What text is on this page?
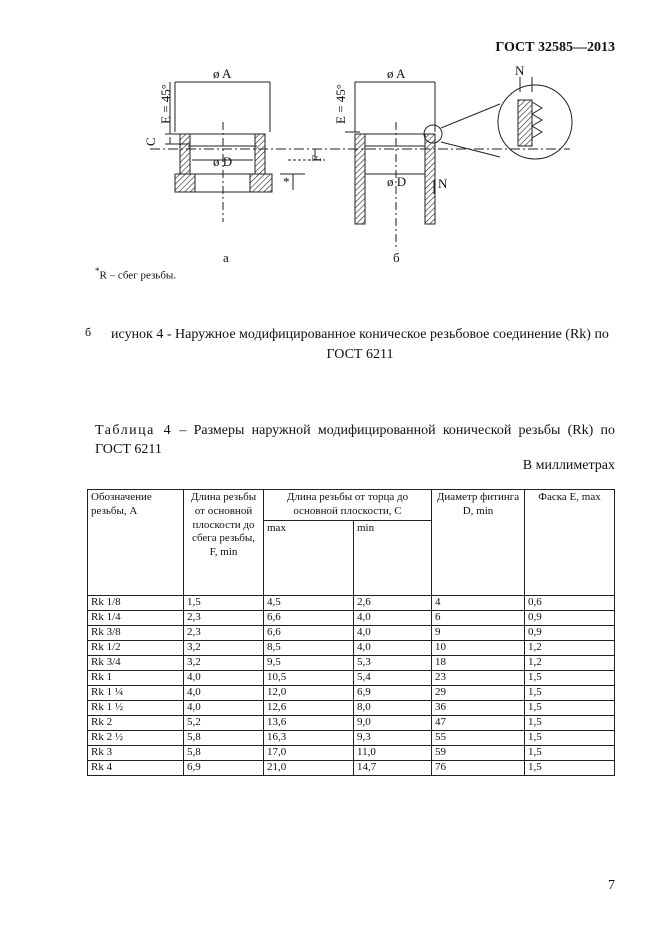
ГОСТ 32585—2013
ø A	ø A
E = 45°	E = 45°
C
ø D
ø D
F
*
N
N
а	б
*R – сбег резьбы.
б	исунок 4 - Наружное модифицированное коническое резьбовое соединение (Rk) по ГОСТ 6211
Таблица 4 – Размеры наружной модифицированной конической резьбы (Rk) по ГОСТ 6211
В миллиметрах
Обозначение резьбы, A	Длина резьбы от основной плоскости до сбега резьбы, F, min	Длина резьбы от торца до основной плоскости, C		Диаметр фитинга D, min	Фаска E, max
		max	min		
Rk 1/8	1,5	4,5	2,6	4	0,6
Rk 1/4	2,3	6,6	4,0	6	0,9
Rk 3/8	2,3	6,6	4,0	9	0,9
Rk 1/2	3,2	8,5	4,0	10	1,2
Rk 3/4	3,2	9,5	5,3	18	1,2
Rk 1	4,0	10,5	5,4	23	1,5
Rk 1 ¼	4,0	12,0	6,9	29	1,5
Rk 1 ½	4,0	12,6	8,0	36	1,5
Rk 2	5,2	13,6	9,0	47	1,5
Rk 2 ½	5,8	16,3	9,3	55	1,5
Rk 3	5,8	17,0	11,0	59	1,5
Rk 4	6,9	21,0	14,7	76	1,5
7
